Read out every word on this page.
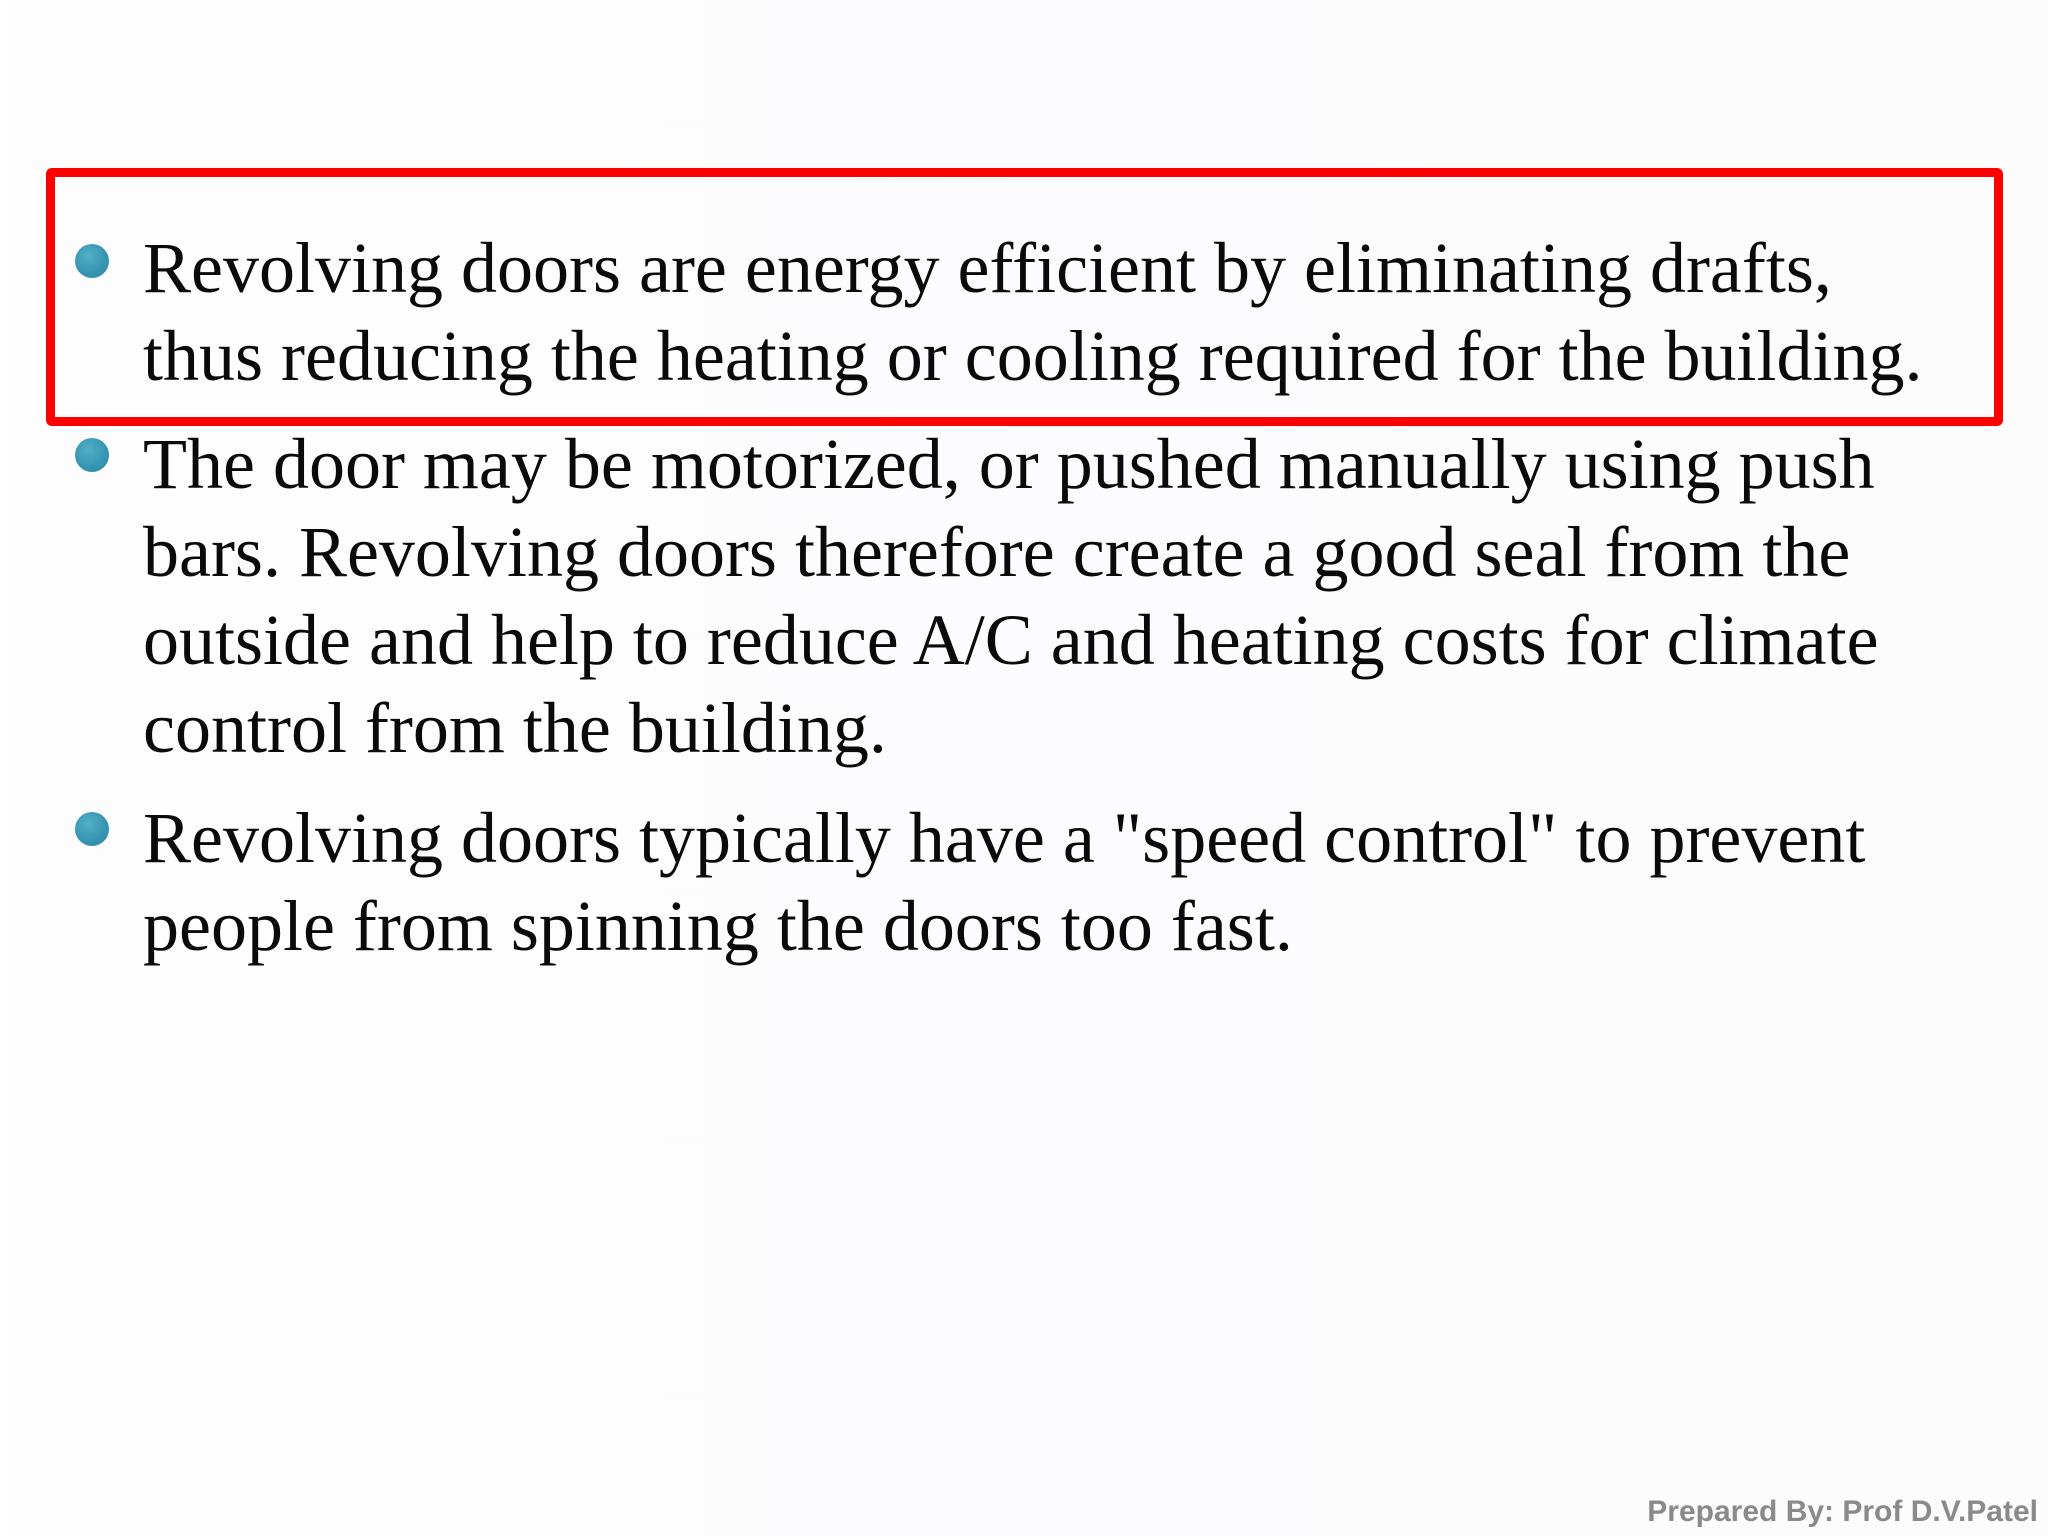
Revolving doors are energy efficient by eliminating drafts,
thus reducing the heating or cooling required for the building.
The door may be motorized, or pushed manually using push
bars. Revolving doors therefore create a good seal from the
outside and help to reduce A/C and heating costs for climate
control from the building.
Revolving doors typically have a "speed control" to prevent
people from spinning the doors too fast.
Prepared By: Prof D.V.Patel
